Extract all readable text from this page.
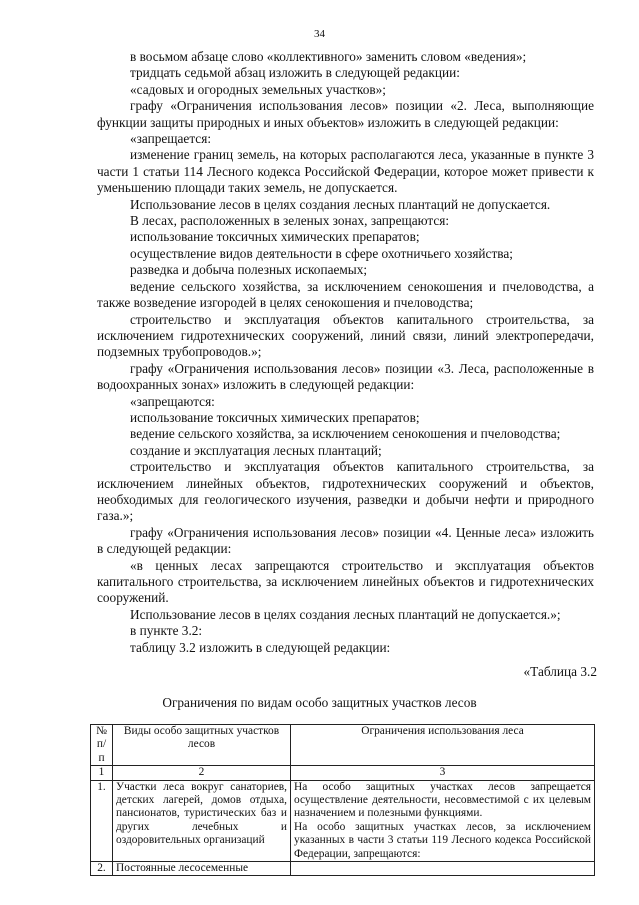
34

в восьмом абзаце слово «коллективного» заменить словом «ведения»;

тридцать седьмой абзац изложить в следующей редакции:

«садовых и огородных земельных участков»;

графу «Ограничения использования лесов» позиции «2. Леса, выполняющие функции защиты природных и иных объектов» изложить в следующей редакции:

«запрещается:

изменение границ земель, на которых располагаются леса, указанные в пункте 3 части 1 статьи 114 Лесного кодекса Российской Федерации, которое может привести к уменьшению площади таких земель, не допускается.

Использование лесов в целях создания лесных плантаций не допускается.

В лесах, расположенных в зеленых зонах, запрещаются:

использование токсичных химических препаратов;

осуществление видов деятельности в сфере охотничьего хозяйства;

разведка и добыча полезных ископаемых;

ведение сельского хозяйства, за исключением сенокошения и пчеловодства, а также возведение изгородей в целях сенокошения и пчеловодства;

строительство и эксплуатация объектов капитального строительства, за исключением гидротехнических сооружений, линий связи, линий электропередачи, подземных трубопроводов.»;

графу «Ограничения использования лесов» позиции «3. Леса, расположенные в водоохранных зонах» изложить в следующей редакции:

«запрещаются:

использование токсичных химических препаратов;

ведение сельского хозяйства, за исключением сенокошения и пчеловодства;

создание и эксплуатация лесных плантаций;

строительство и эксплуатация объектов капитального строительства, за исключением линейных объектов, гидротехнических сооружений и объектов, необходимых для геологического изучения, разведки и добычи нефти и природного газа.»;

графу «Ограничения использования лесов» позиции «4. Ценные леса» изложить в следующей редакции:

«в ценных лесах запрещаются строительство и эксплуатация объектов капитального строительства, за исключением линейных объектов и гидротехнических сооружений.

Использование лесов в целях создания лесных плантаций не допускается.»;

в пункте 3.2:

таблицу 3.2 изложить в следующей редакции:

«Таблица 3.2
Ограничения по видам особо защитных участков лесов
№ п/п	Виды особо защитных участков лесов	Ограничения использования леса
1	2	3
1.	Участки леса вокруг санаториев, детских лагерей, домов отдыха, пансионатов, туристических баз и других лечебных и оздоровительных организаций	На особо защитных участках лесов запрещается осуществление деятельности, несовместимой с их целевым назначением и полезными функциями.
На особо защитных участках лесов, за исключением указанных в части 3 статьи 119 Лесного кодекса Российской Федерации, запрещаются:

2.	Постоянные лесосеменные	
